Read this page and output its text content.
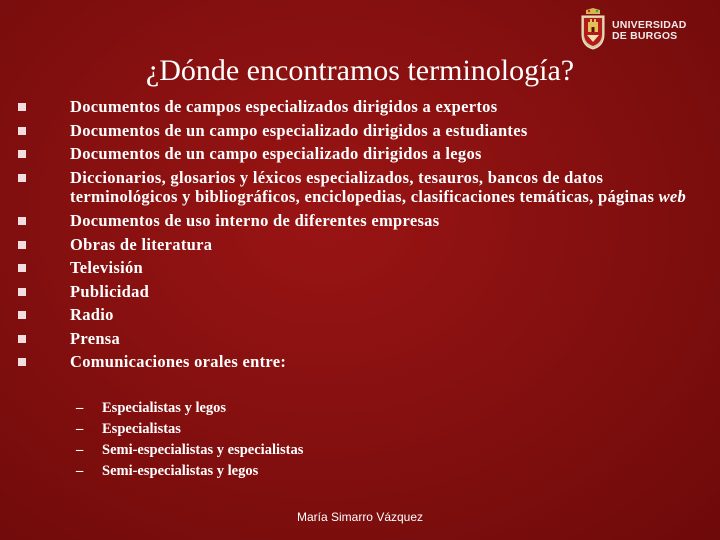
UNIVERSIDAD
DE BURGOS
¿Dónde encontramos terminología?
Documentos de campos especializados dirigidos a expertos
Documentos de un campo especializado dirigidos a estudiantes
Documentos de un campo especializado dirigidos a legos
Diccionarios, glosarios y léxicos especializados, tesauros, bancos de datos terminológicos y bibliográficos, enciclopedias, clasificaciones temáticas, páginas web
Documentos de uso interno de diferentes empresas
Obras de literatura
Televisión
Publicidad
Radio
Prensa
Comunicaciones orales entre:
– Especialistas y legos
– Especialistas
– Semi-especialistas y especialistas
– Semi-especialistas y legos
María Simarro Vázquez
